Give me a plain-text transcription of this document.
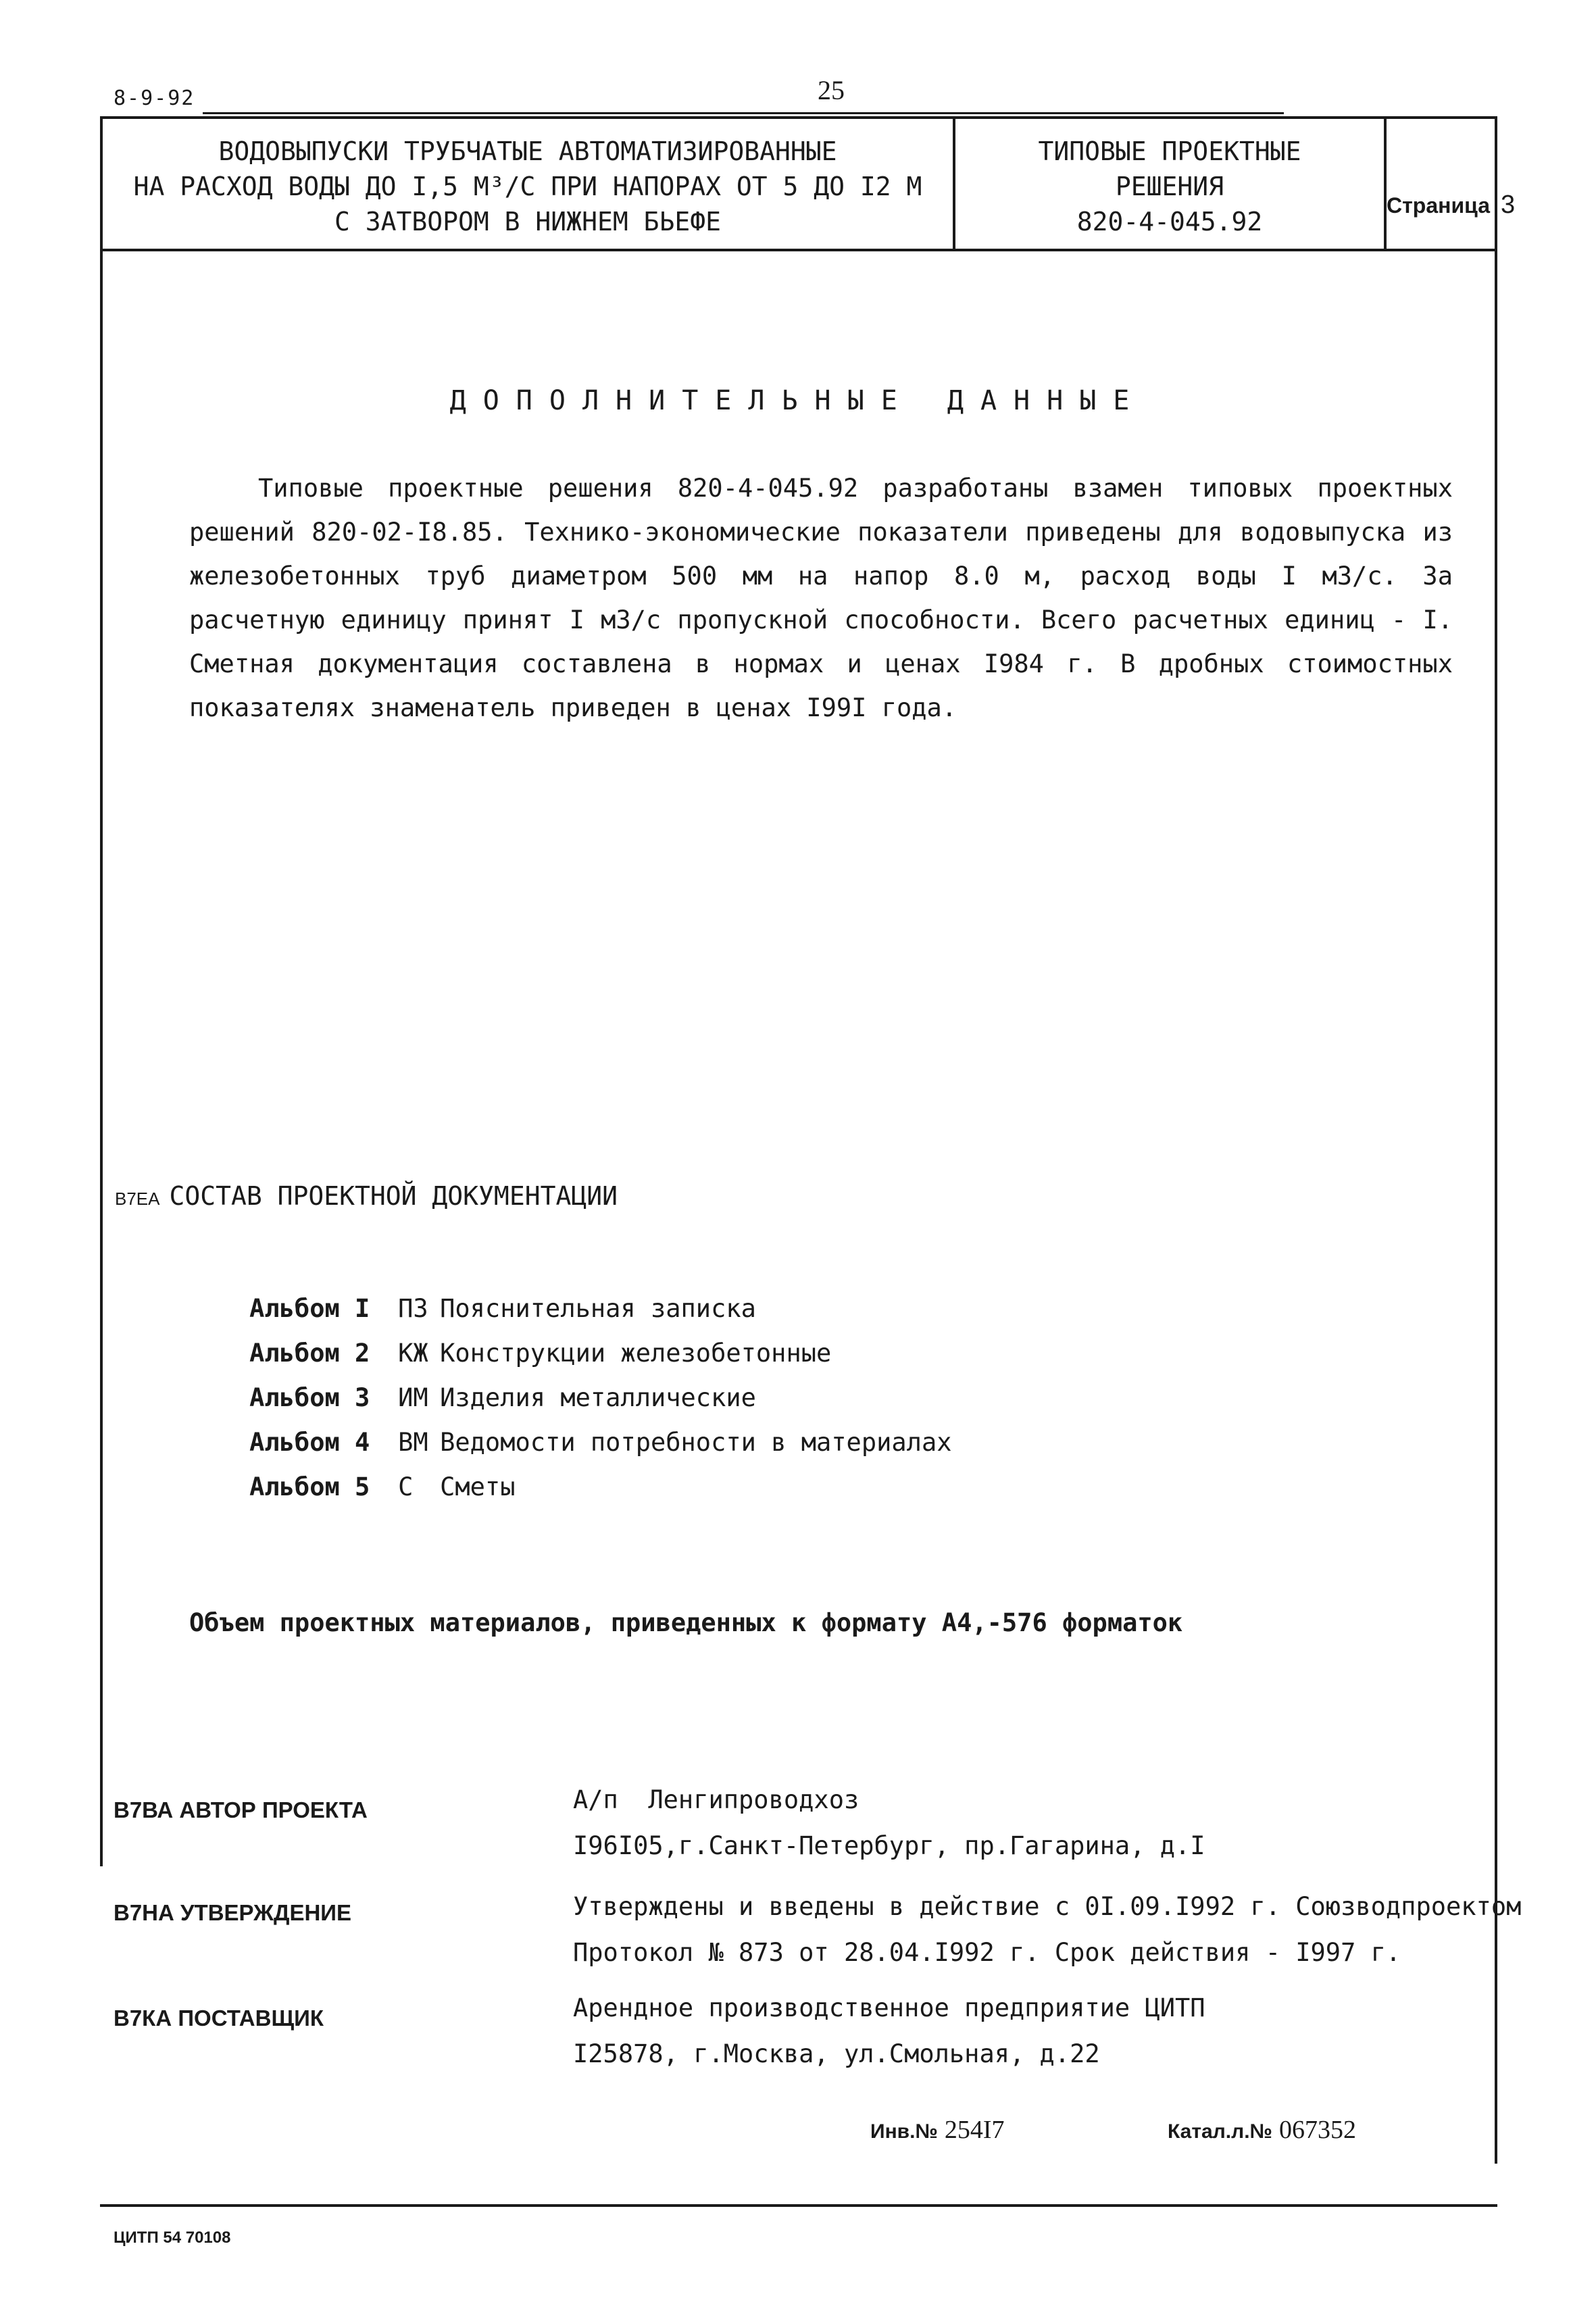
8-9-92	25
ВОДОВЫПУСКИ ТРУБЧАТЫЕ АВТОМАТИЗИРОВАННЫЕ
НА РАСХОД ВОДЫ ДО I,5 М³/С ПРИ НАПОРАХ ОТ 5 ДО I2 М
С ЗАТВОРОМ В НИЖНЕМ БЬЕФЕ
ТИПОВЫЕ ПРОЕКТНЫЕ
РЕШЕНИЯ
820-4-045.92
Страница 3
ДОПОЛНИТЕЛЬНЫЕ ДАННЫЕ
Типовые проектные решения 820-4-045.92 разработаны взамен типовых проектных решений 820-02-I8.85. Технико-экономические показатели приведены для водовыпуска из железобетонных труб диаметром 500 мм на напор 8.0 м, расход воды I м3/с. За расчетную единицу принят I м3/с пропускной способности. Всего расчетных единиц - I. Сметная документация составлена в нормах и ценах I984 г. В дробных стоимостных показателях знаменатель приведен в ценах I99I года.
В7ЕА СОСТАВ ПРОЕКТНОЙ ДОКУМЕНТАЦИИ

Альбом I ПЗ Пояснительная записка

Альбом 2 КЖ Конструкции железобетонные

Альбом 3 ИМ Изделия металлические

Альбом 4 ВМ Ведомости потребности в материалах

Альбом 5 С Сметы

Объем проектных материалов, приведенных к формату А4,-576 форматок
В7ВА АВТОР ПРОЕКТА	А/п  Ленгипроводхоз
I96I05,г.Санкт-Петербург, пр.Гагарина, д.I
В7НА УТВЕРЖДЕНИЕ	Утверждены и введены в действие с 0I.09.I992 г. Союзводпроектом
Протокол № 873 от 28.04.I992 г. Срок действия - I997 г.
В7КА ПОСТАВЩИК	Арендное производственное предприятие ЦИТП
I25878, г.Москва, ул.Смольная, д.22
Инв.№ 254I7	Катал.л.№ 067352
ЦИТП 54 70108
